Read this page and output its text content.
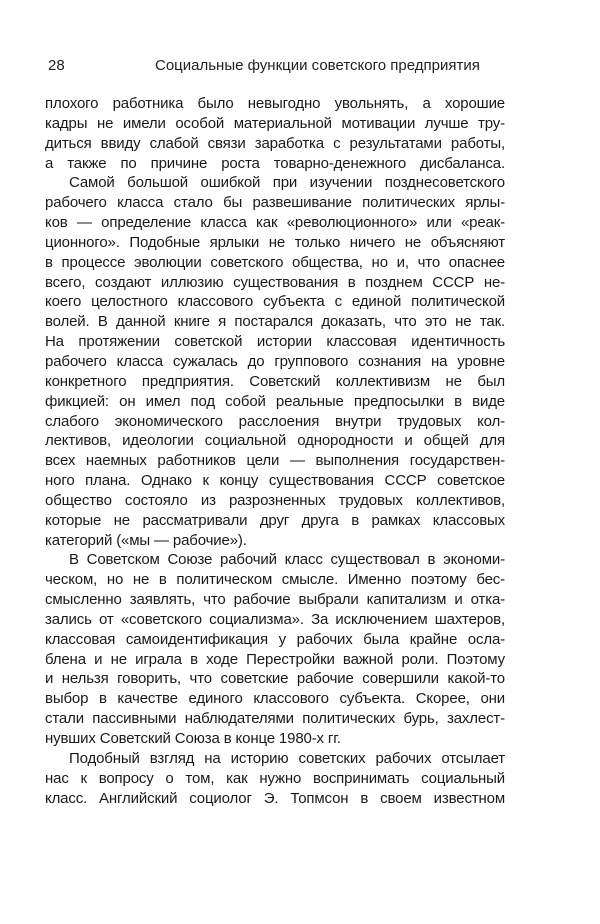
28	Социальные функции советского предприятия
плохого работника было невыгодно увольнять, а хорошие
кадры не имели особой материальной мотивации лучше тру-
диться ввиду слабой связи заработка с результатами работы,
а также по причине роста товарно-денежного дисбаланса.
Самой большой ошибкой при изучении позднесоветского
рабочего класса стало бы развешивание политических ярлы-
ков — определение класса как «революционного» или «реак-
ционного». Подобные ярлыки не только ничего не объясняют
в процессе эволюции советского общества, но и, что опаснее
всего, создают иллюзию существования в позднем СССР не-
коего целостного классового субъекта с единой политической
волей. В данной книге я постарался доказать, что это не так.
На протяжении советской истории классовая идентичность
рабочего класса сужалась до группового сознания на уровне
конкретного предприятия. Советский коллективизм не был
фикцией: он имел под собой реальные предпосылки в виде
слабого экономического расслоения внутри трудовых кол-
лективов, идеологии социальной однородности и общей для
всех наемных работников цели — выполнения государствен-
ного плана. Однако к концу существования СССР советское
общество состояло из разрозненных трудовых коллективов,
которые не рассматривали друг друга в рамках классовых
категорий («мы — рабочие»).
В Советском Союзе рабочий класс существовал в экономи-
ческом, но не в политическом смысле. Именно поэтому бес-
смысленно заявлять, что рабочие выбрали капитализм и отка-
зались от «советского социализма». За исключением шахтеров,
классовая самоидентификация у рабочих была крайне осла-
блена и не играла в ходе Перестройки важной роли. Поэтому
и нельзя говорить, что советские рабочие совершили какой-то
выбор в качестве единого классового субъекта. Скорее, они
стали пассивными наблюдателями политических бурь, захлест-
нувших Советский Союза в конце 1980-х гг.
Подобный взгляд на историю советских рабочих отсылает
нас к вопросу о том, как нужно воспринимать социальный
класс. Английский социолог Э. Топмсон в своем известном
